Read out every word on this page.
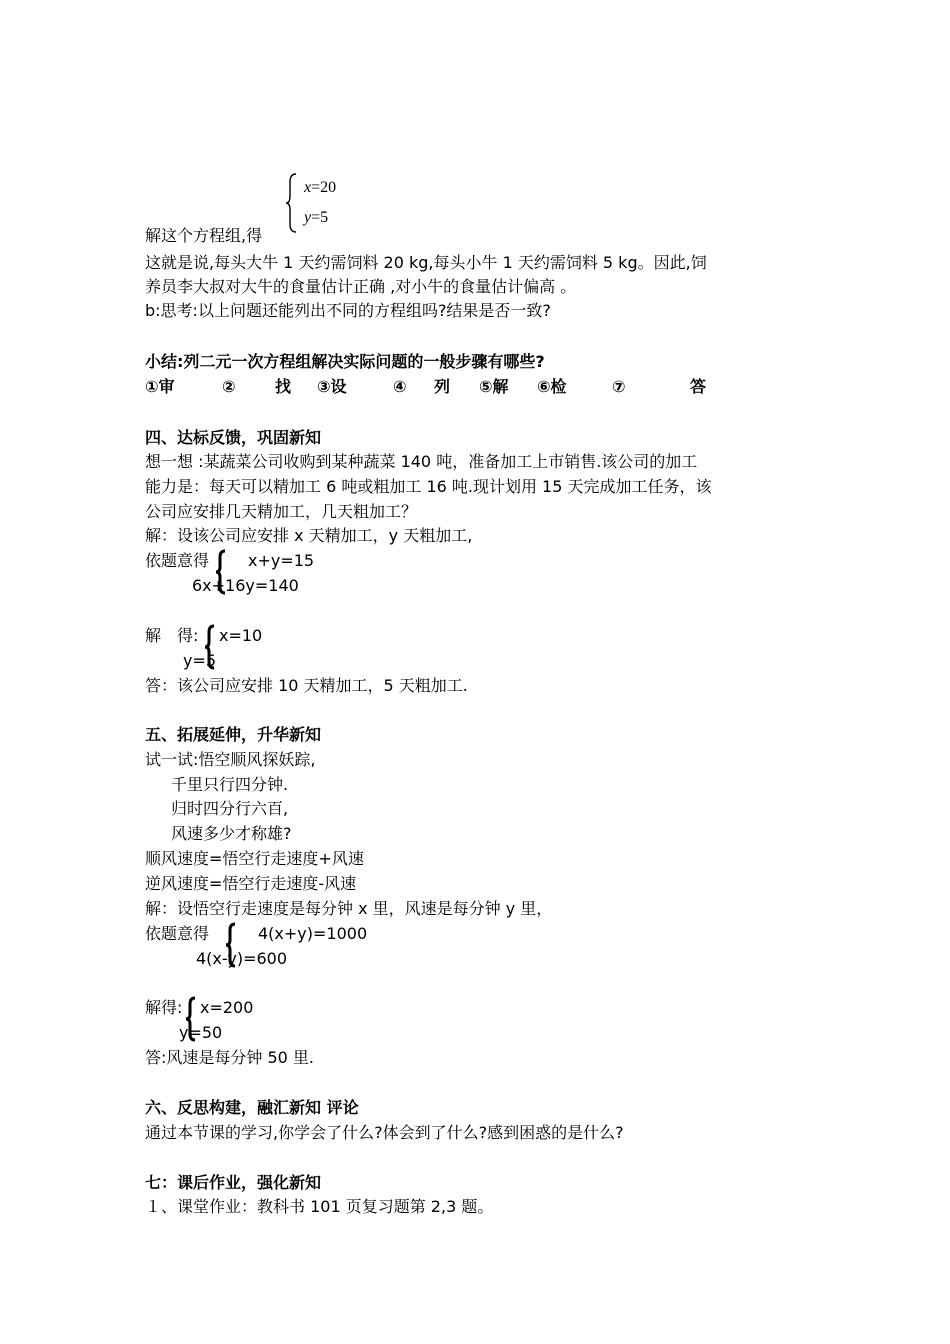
x=20
y=5
解这个方程组,得
这就是说,每头大牛 1 天约需饲料 20 kg,每头小牛 1 天约需饲料 5 kg。因此,饲
养员李大叔对大牛的食量估计正确 ,对小牛的食量估计偏高 。
b:思考:以上问题还能列出不同的方程组吗?结果是否一致?
小结:列二元一次方程组解决实际问题的一般步骤有哪些?
①审	② 找 ③设	④ 列 ⑤解 ⑥检	⑦	答
四、达标反馈，巩固新知
想一想 :某蔬菜公司收购到某种蔬菜 140 吨，准备加工上市销售.该公司的加工
能力是：每天可以精加工 6 吨或粗加工 16 吨.现计划用 15 天完成加工任务，该
公司应安排几天精加工，几天粗加工？
解：设该公司应安排 x 天精加工，y 天粗加工,
依题意得 x+y=15
6x+16y=140
解　得: x=10
y=5
答：该公司应安排 10 天精加工，5 天粗加工.
五、拓展延伸，升华新知
试一试:悟空顺风探妖踪,
千里只行四分钟.
归时四分行六百,
风速多少才称雄?
顺风速度=悟空行走速度+风速
逆风速度=悟空行走速度-风速
解：设悟空行走速度是每分钟 x 里，风速是每分钟 y 里，
依题意得	4(x+y)=1000
4(x-y)=600
解得: x=200
y=50
答:风速是每分钟 50 里.
六、反思构建，融汇新知 评论
通过本节课的学习,你学会了什么?体会到了什么?感到困惑的是什么?
七：课后作业，强化新知
１、课堂作业：教科书 101 页复习题第 2,3 题。
